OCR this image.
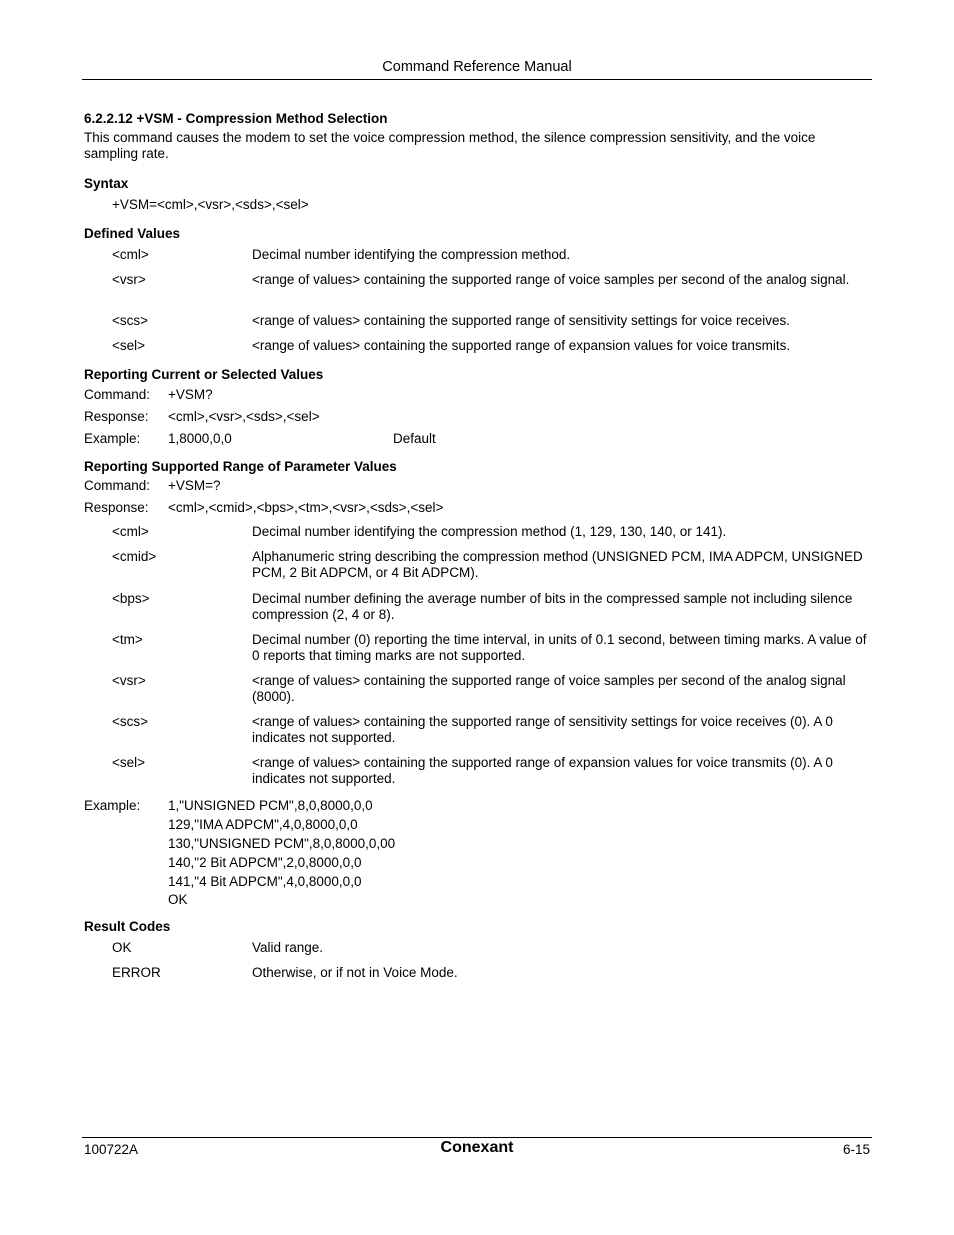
Command Reference Manual
6.2.2.12 +VSM - Compression Method Selection
This command causes the modem to set the voice compression method, the silence compression sensitivity, and the voice sampling rate.
Syntax
+VSM=<cml>,<vsr>,<sds>,<sel>
Defined Values
<cml>	Decimal number identifying the compression method.
<vsr>	<range of values> containing the supported range of voice samples per second of the analog signal.
<scs>	<range of values> containing the supported range of sensitivity settings for voice receives.
<sel>	<range of values> containing the supported range of expansion values for voice transmits.
Reporting Current or Selected Values
Command: +VSM?
Response: <cml>,<vsr>,<sds>,<sel>
Example: 1,8000,0,0	Default
Reporting Supported Range of Parameter Values
Command: +VSM=?
Response: <cml>,<cmid>,<bps>,<tm>,<vsr>,<sds>,<sel>
<cml>	Decimal number identifying the compression method (1, 129, 130, 140, or 141).
<cmid>	Alphanumeric string describing the compression method (UNSIGNED PCM, IMA ADPCM, UNSIGNED PCM, 2 Bit ADPCM, or 4 Bit ADPCM).
<bps>	Decimal number defining the average number of bits in the compressed sample not including silence compression (2, 4 or 8).
<tm>	Decimal number (0) reporting the time interval, in units of 0.1 second, between timing marks. A value of 0 reports that timing marks are not supported.
<vsr>	<range of values> containing the supported range of voice samples per second of the analog signal (8000).
<scs>	<range of values> containing the supported range of sensitivity settings for voice receives (0). A 0 indicates not supported.
<sel>	<range of values> containing the supported range of expansion values for voice transmits (0). A 0 indicates not supported.
Example: 1,"UNSIGNED PCM",8,0,8000,0,0
129,"IMA ADPCM",4,0,8000,0,0
130,"UNSIGNED PCM",8,0,8000,0,00
140,"2 Bit ADPCM",2,0,8000,0,0
141,"4 Bit ADPCM",4,0,8000,0,0
OK
Result Codes
OK	Valid range.
ERROR	Otherwise, or if not in Voice Mode.
100722A	Conexant	6-15
